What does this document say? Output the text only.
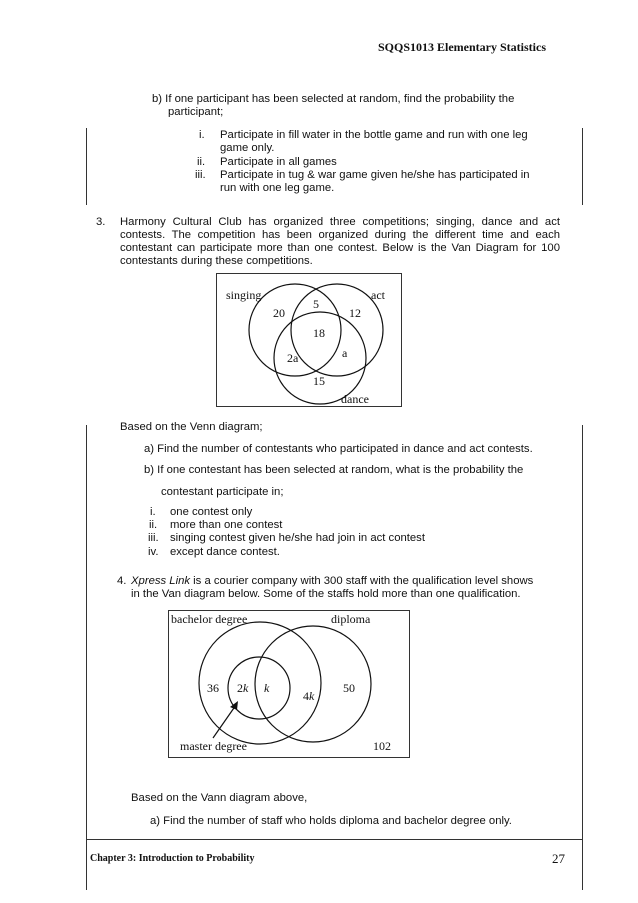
SQQS1013 Elementary Statistics
b) If one participant has been selected at random, find the probability the
participant;
i. Participate in fill water in the bottle game and run with one leg
game only.
ii. Participate in all games
iii. Participate in tug & war game given he/she has participated in
run with one leg game.
3. Harmony Cultural Club has organized three competitions; singing, dance and act
contests. The competition has been organized during the different time and each
contestant can participate more than one contest. Below is the Van Diagram for 100
contestants during these competitions.
singing	act
dance
20
5
12
18
2a	a
15
Based on the Venn diagram;
a) Find the number of contestants who participated in dance and act contests.
b) If one contestant has been selected at random, what is the probability the
contestant participate in;
i. one contest only
ii. more than one contest
iii. singing contest given he/she had join in act contest
iv. except dance contest.
4. Xpress Link is a courier company with 300 staff with the qualification level shows
in the Van diagram below. Some of the staffs hold more than one qualification.
bachelor degree	diploma
master degree
36 2k k
4k
50
102
Based on the Vann diagram above,
a) Find the number of staff who holds diploma and bachelor degree only.
Chapter 3: Introduction to Probability	27
